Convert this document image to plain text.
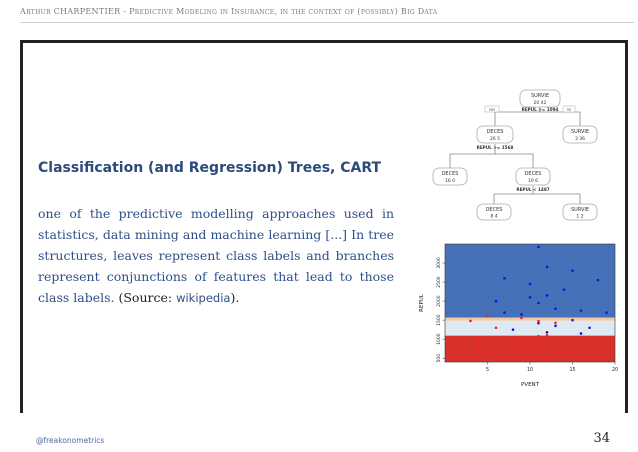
Arthur CHARPENTIER - Predictive Modeling in Insurance, in the context of (possibly) Big Data
Classification (and Regression) Trees, CART
one of the predictive modelling approaches used in statistics, data mining and machine learning [...] In tree structures, leaves represent class labels and branches represent conjunctions of features that lead to those class labels. (Source: wikipedia).
SURVIE
20 42
REPUL >= 1094
yes	no
DECES
26 5
REPUL >= 1568
SURVIE
3 36
DECES
16 0
DECES
10 6
REPUL < 1487
DECES
8 4
SURVIE
1 2
5	10	15	20
500
1000
1500
2000
2500
3000
PVENT
REPUL
@freakonometrics	34
